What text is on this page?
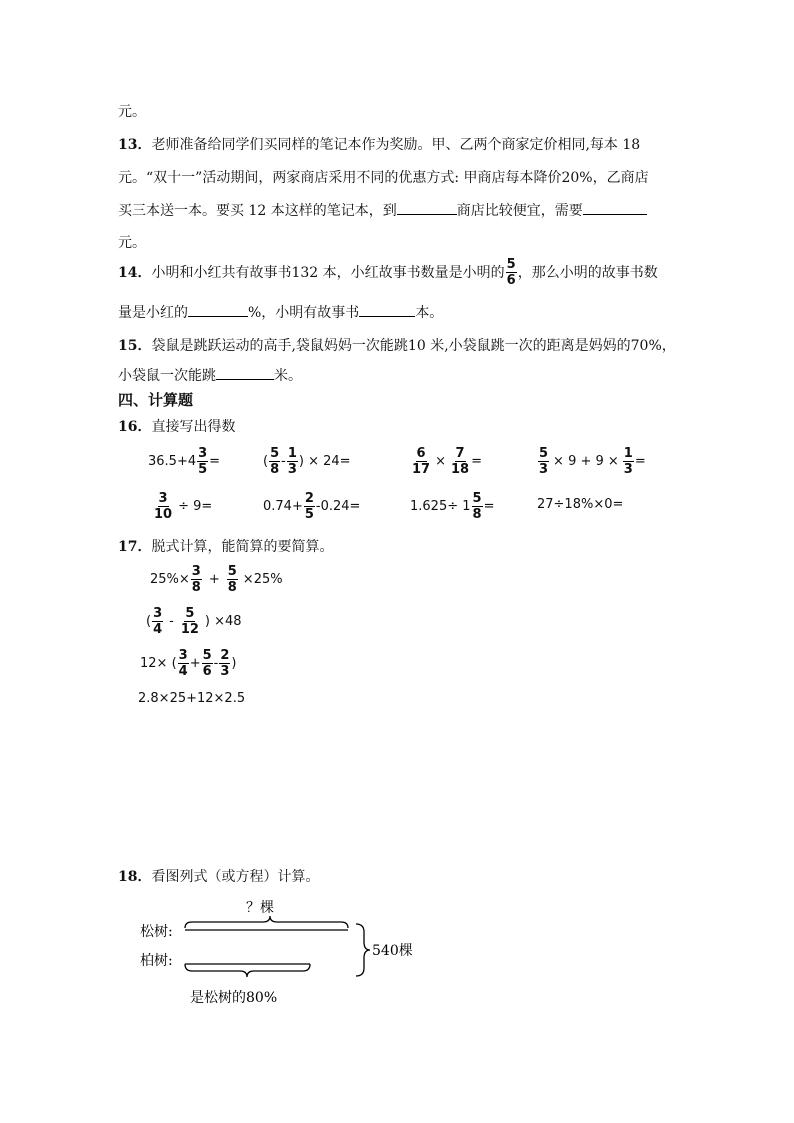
元。
13．老师准备给同学们买同样的笔记本作为奖励。甲、乙两个商家定价相同,每本 18
元。“双十一”活动期间，两家商店采用不同的优惠方式: 甲商店每本降价20%，乙商店
买三本送一本。要买 12 本这样的笔记本，到	商店比较便宜，需要
元。
14． 小明和小红共有故事书132 本，小红故事书数量是小明的 $\frac{5}{6}$ ，那么小明的故事书数
量是小红的	%，小明有故事书	本。
15．袋鼠是跳跃运动的高手,袋鼠妈妈一次能跳10 米,小袋鼠跳一次的距离是妈妈的70%，
小袋鼠一次能跳	米。
四、计算题
16．直接写出得数
$36.5+4 \frac{3}{5}$ =	( $\frac{5}{8} - \frac{1}{3}$ ) × 24=	$\frac{6}{17} \times \frac{7}{18}$ =	$\frac{5}{3} \times 9 + 9 \times \frac{1}{3}$ =
$\frac{3}{10} \div 9=$	$0.74+ \frac{2}{5} -0.24=$	$1.625\div 1 \frac{5}{8}$ =	27÷18%×0=
17．脱式计算，能简算的要简算。
$25\%\times \frac{3}{8} + \frac{5}{8} \times 25\%$
( $\frac{3}{4} - \frac{5}{12}$ ) ×48
12× ( $\frac{3}{4} + \frac{5}{6} - \frac{2}{3}$ )
2.8×25+12×2.5
18．看图列式（或方程）计算。
？棵
松树:
柏树:
540棵
是松树的80%
